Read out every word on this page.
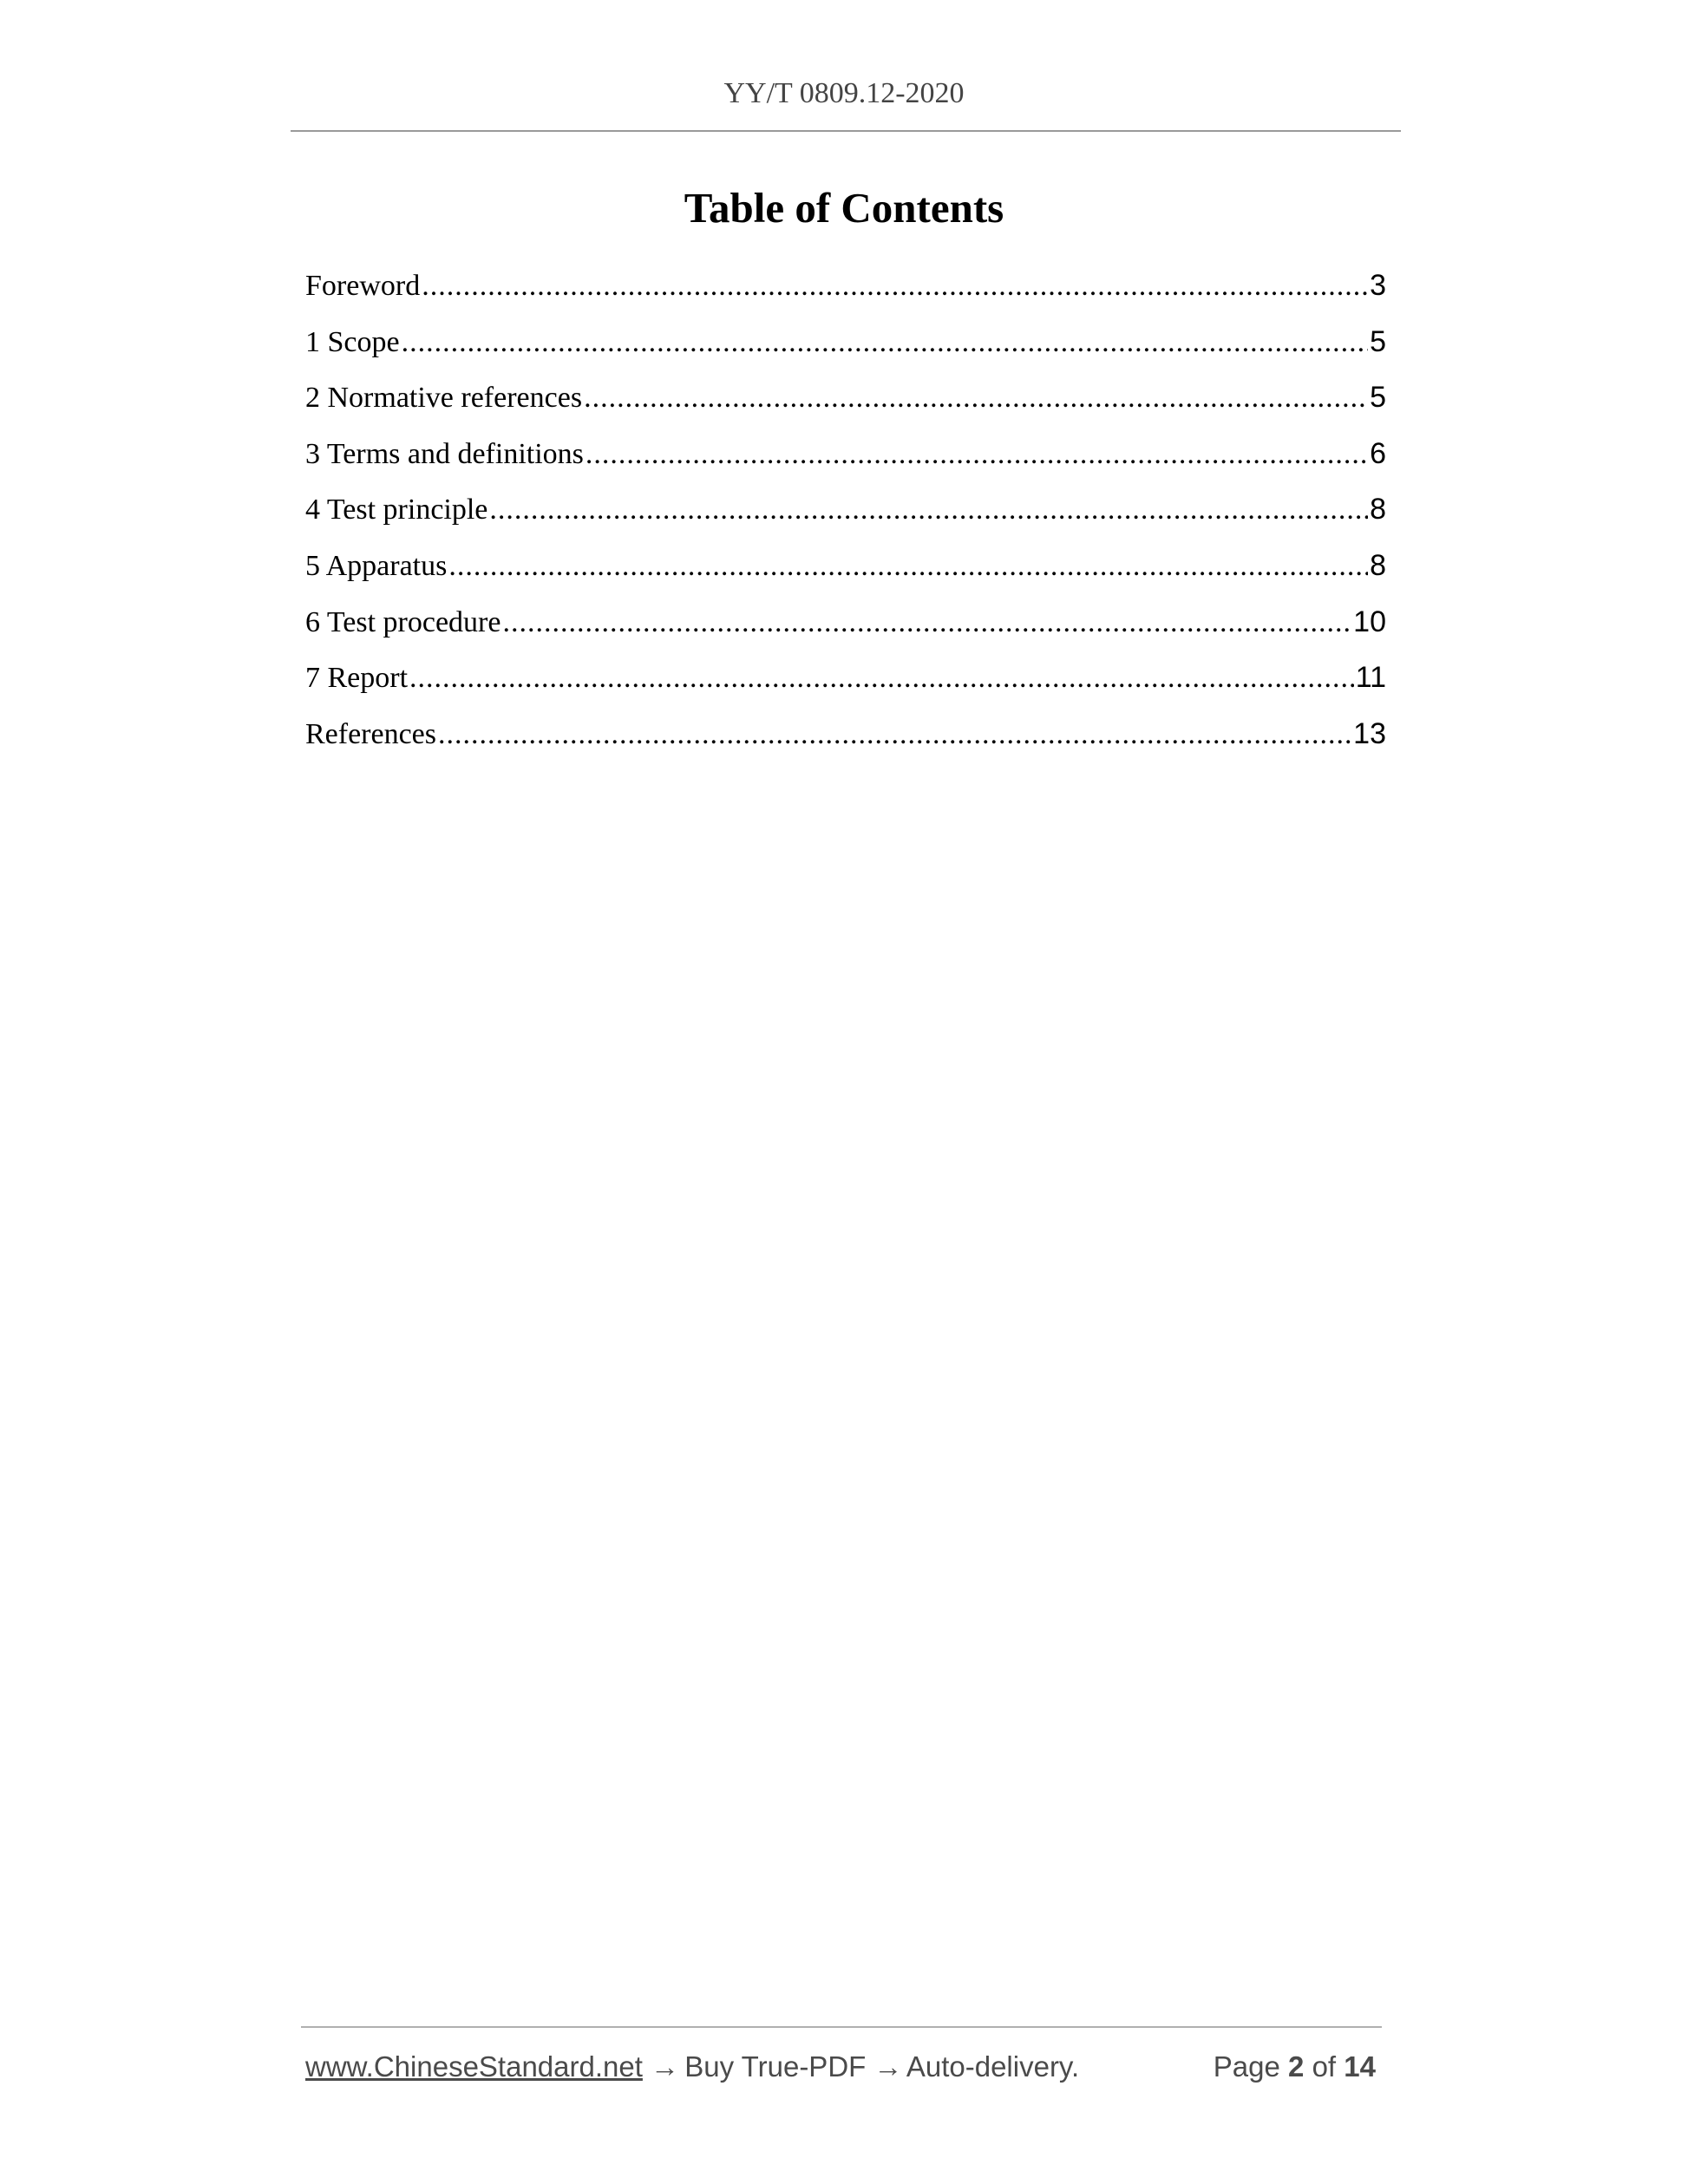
YY/T 0809.12-2020
Table of Contents
Foreword .....	3
1 Scope .....	5
2 Normative references .....	5
3 Terms and definitions .....	6
4 Test principle .....	8
5 Apparatus .....	8
6 Test procedure .....	10
7 Report .....	11
References .....	13
www.ChineseStandard.net → Buy True-PDF → Auto-delivery.	Page 2 of 14
